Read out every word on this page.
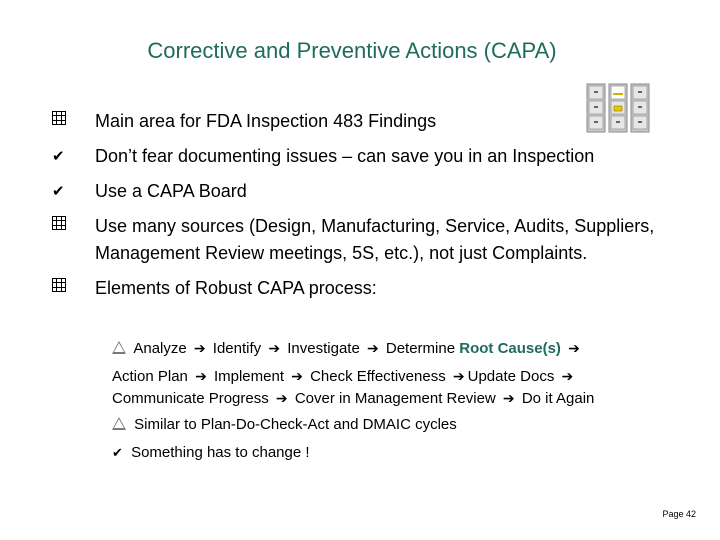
Corrective and Preventive Actions (CAPA)
Main area for FDA Inspection 483 Findings
✔ Don’t fear documenting issues – can save you in an Inspection
✔ Use a CAPA Board
Use many sources (Design, Manufacturing, Service, Audits, Suppliers, Management Review meetings, 5S, etc.), not just Complaints.
Elements of Robust CAPA process:
Analyze ➔ Identify ➔ Investigate ➔ Determine Root Cause(s) ➔
Action Plan ➔ Implement ➔ Check Effectiveness ➔ Update Docs ➔
Communicate Progress ➔ Cover in Management Review ➔ Do it Again
Similar to Plan-Do-Check-Act and DMAIC cycles
✔ Something has to change !
Page 42
